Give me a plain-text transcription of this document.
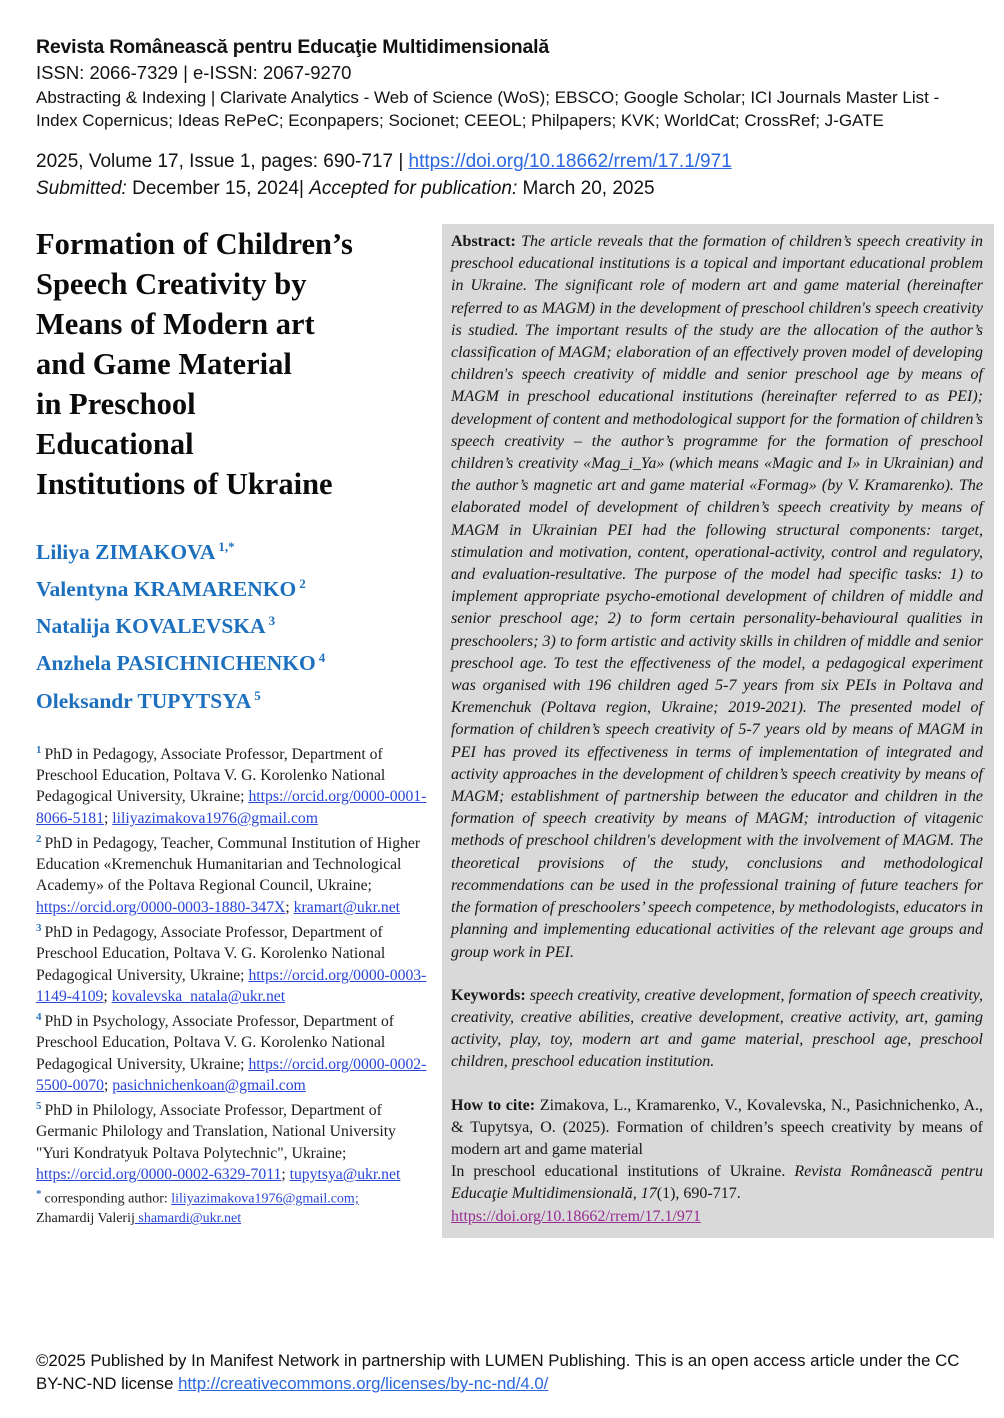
Revista Românească pentru Educaţie Multidimensională
ISSN: 2066-7329 | e-ISSN: 2067-9270
Abstracting & Indexing | Clarivate Analytics - Web of Science (WoS); EBSCO; Google Scholar; ICI Journals Master List - Index Copernicus; Ideas RePeC; Econpapers; Socionet; CEEOL; Philpapers; KVK; WorldCat; CrossRef; J-GATE
2025, Volume 17, Issue 1, pages: 690-717 | https://doi.org/10.18662/rrem/17.1/971
Submitted: December 15, 2024| Accepted for publication: March 20, 2025
Formation of Children’s
Speech Creativity by
Means of Modern art
and Game Material
in Preschool
Educational
Institutions of Ukraine
Liliya ZIMAKOVA $^{1,*}$
Valentyna KRAMARENKO $^2$
Natalija KOVALEVSKA $^3$
Anzhela PASICHNICHENKO $^4$
Oleksandr TUPYTSYA $^5$

$^1$ PhD in Pedagogy, Associate Professor, Department of Preschool Education, Poltava V. G. Korolenko National Pedagogical University, Ukraine; https://orcid.org/0000-0001-8066-5181; liliyazimakova1976@gmail.com

$^2$ PhD in Pedagogy, Teacher, Communal Institution of Higher Education «Kremenchuk Humanitarian and Technological Academy» of the Poltava Regional Council, Ukraine; https://orcid.org/0000-0003-1880-347X; kramart@ukr.net

$^3$ PhD in Pedagogy, Associate Professor, Department of Preschool Education, Poltava V. G. Korolenko National Pedagogical University, Ukraine; https://orcid.org/0000-0003-1149-4109; kovalevska_natala@ukr.net

$^4$ PhD in Psychology, Associate Professor, Department of Preschool Education, Poltava V. G. Korolenko National Pedagogical University, Ukraine; https://orcid.org/0000-0002-5500-0070; pasichnichenkoan@gmail.com

$^5$ PhD in Philology, Associate Professor, Department of Germanic Philology and Translation, National University "Yuri Kondratyuk Poltava Polytechnic", Ukraine; https://orcid.org/0000-0002-6329-7011; tupytsya@ukr.net

* corresponding author: liliyazimakova1976@gmail.com;
Zhamardij Valerij shamardi@ukr.net

Abstract: The article reveals that the formation of children’s speech creativity in preschool educational institutions is a topical and important educational problem in Ukraine. The significant role of modern art and game material (hereinafter referred to as MAGM) in the development of preschool children's speech creativity is studied. The important results of the study are the allocation of the author’s classification of MAGM; elaboration of an effectively proven model of developing children's speech creativity of middle and senior preschool age by means of MAGM in preschool educational institutions (hereinafter referred to as PEI); development of content and methodological support for the formation of children’s speech creativity – the author’s programme for the formation of preschool children’s creativity «Mag_i_Ya» (which means «Magic and I» in Ukrainian) and the author’s magnetic art and game material «Formag» (by V. Kramarenko). The elaborated model of development of children’s speech creativity by means of MAGM in Ukrainian PEI had the following structural components: target, stimulation and motivation, content, operational-activity, control and regulatory, and evaluation-resultative. The purpose of the model had specific tasks: 1) to implement appropriate psycho-emotional development of children of middle and senior preschool age; 2) to form certain personality-behavioural qualities in preschoolers; 3) to form artistic and activity skills in children of middle and senior preschool age. To test the effectiveness of the model, a pedagogical experiment was organised with 196 children aged 5-7 years from six PEIs in Poltava and Kremenchuk (Poltava region, Ukraine; 2019-2021). The presented model of formation of children’s speech creativity of 5-7 years old by means of MAGM in PEI has proved its effectiveness in terms of implementation of integrated and activity approaches in the development of children’s speech creativity by means of MAGM; establishment of partnership between the educator and children in the formation of speech creativity by means of MAGM; introduction of vitagenic methods of preschool children's development with the involvement of MAGM. The theoretical provisions of the study, conclusions and methodological recommendations can be used in the professional training of future teachers for the formation of preschoolers’ speech competence, by methodologists, educators in planning and implementing educational activities of the relevant age groups and group work in PEI.

Keywords: speech creativity, creative development, formation of speech creativity, creativity, creative abilities, creative development, creative activity, art, gaming activity, play, toy, modern art and game material, preschool age, preschool children, preschool education institution.

How to cite: Zimakova, L., Kramarenko, V., Kovalevska, N., Pasichnichenko, A., & Tupytsya, O. (2025). Formation of children’s speech creativity by means of modern art and game material
In preschool educational institutions of Ukraine. Revista Românească pentru Educaţie Multidimensională, 17(1), 690-717.
https://doi.org/10.18662/rrem/17.1/971

©2025 Published by In Manifest Network in partnership with LUMEN Publishing. This is an open access article under the CC BY-NC-ND license http://creativecommons.org/licenses/by-nc-nd/4.0/
